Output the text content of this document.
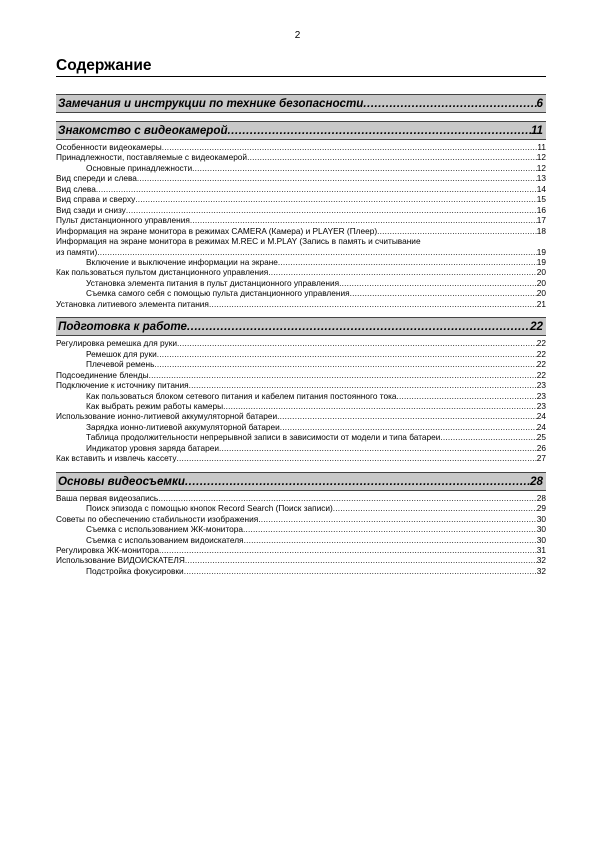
2
Содержание
Замечания и инструкции по технике безопасности .....	6
Знакомство с видеокамерой .....	11
Особенности видеокамеры .....	11
Принадлежности, поставляемые с видеокамерой .....	12
Основные принадлежности .....	12
Вид спереди и слева .....	13
Вид слева .....	14
Вид справа и сверху .....	15
Вид сзади и снизу .....	16
Пульт дистанционного управления .....	17
Информация на экране монитора в режимах CAMERA (Камера) и PLAYER (Плеер) .....	18
Информация на экране монитора в режимах M.REC и M.PLAY (Запись в память и считывание
из памяти) .....	19
Включение и выключение информации на экране .....	19
Как пользоваться пультом дистанционного управления .....	20
Установка элемента питания в пульт дистанционного управления .....	20
Съемка самого себя с помощью пульта дистанционного управления .....	20
Установка литиевого элемента питания .....	21
Подготовка к работе .....	22
Регулировка ремешка для руки .....	22
Ремешок для руки .....	22
Плечевой ремень .....	22
Подсоединение бленды .....	22
Подключение к источнику питания .....	23
Как пользоваться блоком сетевого питания и кабелем питания постоянного тока .....	23
Как выбрать режим работы камеры .....	23
Использование ионно-литиевой аккумуляторной батареи .....	24
Зарядка ионно-литиевой аккумуляторной батареи .....	24
Таблица продолжительности непрерывной записи в зависимости от модели и типа батареи .....	25
Индикатор уровня заряда батареи .....	26
Как вставить и извлечь кассету .....	27
Основы видеосъемки .....	28
Ваша первая видеозапись .....	28
Поиск эпизода с помощью кнопок Record Search (Поиск записи) .....	29
Советы по обеспечению стабильности изображения .....	30
Съемка с использованием ЖК-монитора .....	30
Съемка с использованием видоискателя .....	30
Регулировка ЖК-монитора .....	31
Использование ВИДОИСКАТЕЛЯ .....	32
Подстройка фокусировки .....	32
